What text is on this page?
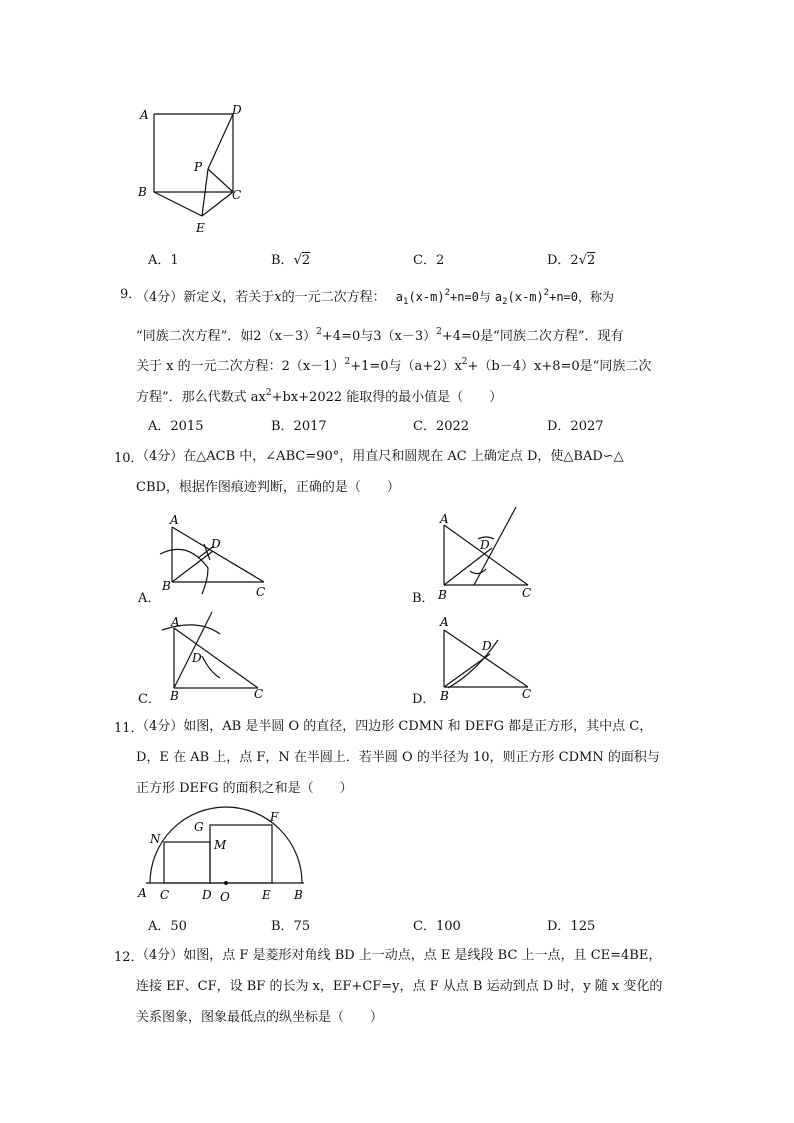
A	D
P
B	C
E
A．1	B．√2	C．2	D．2√2
9．
（4分）新定义，若关于x的一元二次方程： $a_1(x-m)^2+n=0$与 $a_2(x-m)^2+n=0$，称为
“同族二次方程”．如$2(x-3)^2+4=0$与$3(x-3)^2+4=0$是“同族二次方程”．现有
关于 x 的一元二次方程：$2(x-1)^2+1=0$与$(a+2)x^2+(b-4)x+8=0$是“同族二次
方程”．那么代数式 $ax^2+bx+2022$ 能取得的最小值是（　　）
A．2015	B．2017	C．2022	D．2027
10．
（4分）在△ACB 中，∠ABC=90°，用直尺和圆规在 AC 上确定点 D，使△BAD∽△
CBD，根据作图痕迹判断，正确的是（　　）
A．
A
D
B	C	B．
A
D
B	C
C．
A
D
B	C	D．
A
D
B	C
11．
（4分）如图，AB 是半圆 O 的直径，四边形 CDMN 和 DEFG 都是正方形，其中点 C，
D，E 在 AB 上，点 F，N 在半圆上．若半圆 O 的半径为 10，则正方形 CDMN 的面积与
正方形 DEFG 的面积之和是（　　）
N
G
F
M
A C	D O	E B
A．50	B．75	C．100	D．125
12．
（4分）如图，点 F 是菱形对角线 BD 上一动点，点 E 是线段 BC 上一点，且 CE=4BE，
连接 EF、CF，设 BF 的长为 x，EF+CF=y，点 F 从点 B 运动到点 D 时，y 随 x 变化的
关系图象，图象最低点的纵坐标是（　　）
